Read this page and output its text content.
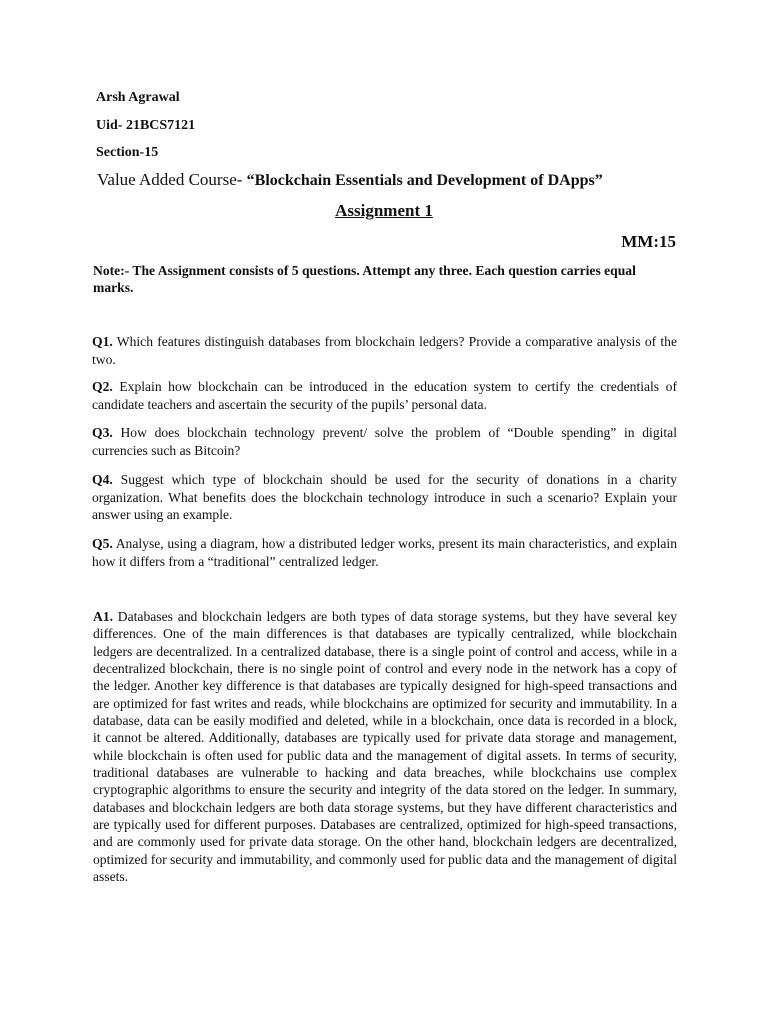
Arsh Agrawal
Uid- 21BCS7121
Section-15
Value Added Course- “Blockchain Essentials and Development of DApps”
Assignment 1
MM:15
Note:- The Assignment consists of 5 questions. Attempt any three. Each question carries equal marks.
Q1. Which features distinguish databases from blockchain ledgers? Provide a comparative analysis of the two.
Q2. Explain how blockchain can be introduced in the education system to certify the credentials of candidate teachers and ascertain the security of the pupils’ personal data.
Q3. How does blockchain technology prevent/ solve the problem of “Double spending” in digital currencies such as Bitcoin?
Q4. Suggest which type of blockchain should be used for the security of donations in a charity organization. What benefits does the blockchain technology introduce in such a scenario? Explain your answer using an example.
Q5. Analyse, using a diagram, how a distributed ledger works, present its main characteristics, and explain how it differs from a “traditional” centralized ledger.
A1. Databases and blockchain ledgers are both types of data storage systems, but they have several key differences. One of the main differences is that databases are typically centralized, while blockchain ledgers are decentralized. In a centralized database, there is a single point of control and access, while in a decentralized blockchain, there is no single point of control and every node in the network has a copy of the ledger. Another key difference is that databases are typically designed for high-speed transactions and are optimized for fast writes and reads, while blockchains are optimized for security and immutability. In a database, data can be easily modified and deleted, while in a blockchain, once data is recorded in a block, it cannot be altered. Additionally, databases are typically used for private data storage and management, while blockchain is often used for public data and the management of digital assets. In terms of security, traditional databases are vulnerable to hacking and data breaches, while blockchains use complex cryptographic algorithms to ensure the security and integrity of the data stored on the ledger. In summary, databases and blockchain ledgers are both data storage systems, but they have different characteristics and are typically used for different purposes. Databases are centralized, optimized for high-speed transactions, and are commonly used for private data storage. On the other hand, blockchain ledgers are decentralized, optimized for security and immutability, and commonly used for public data and the management of digital assets.
